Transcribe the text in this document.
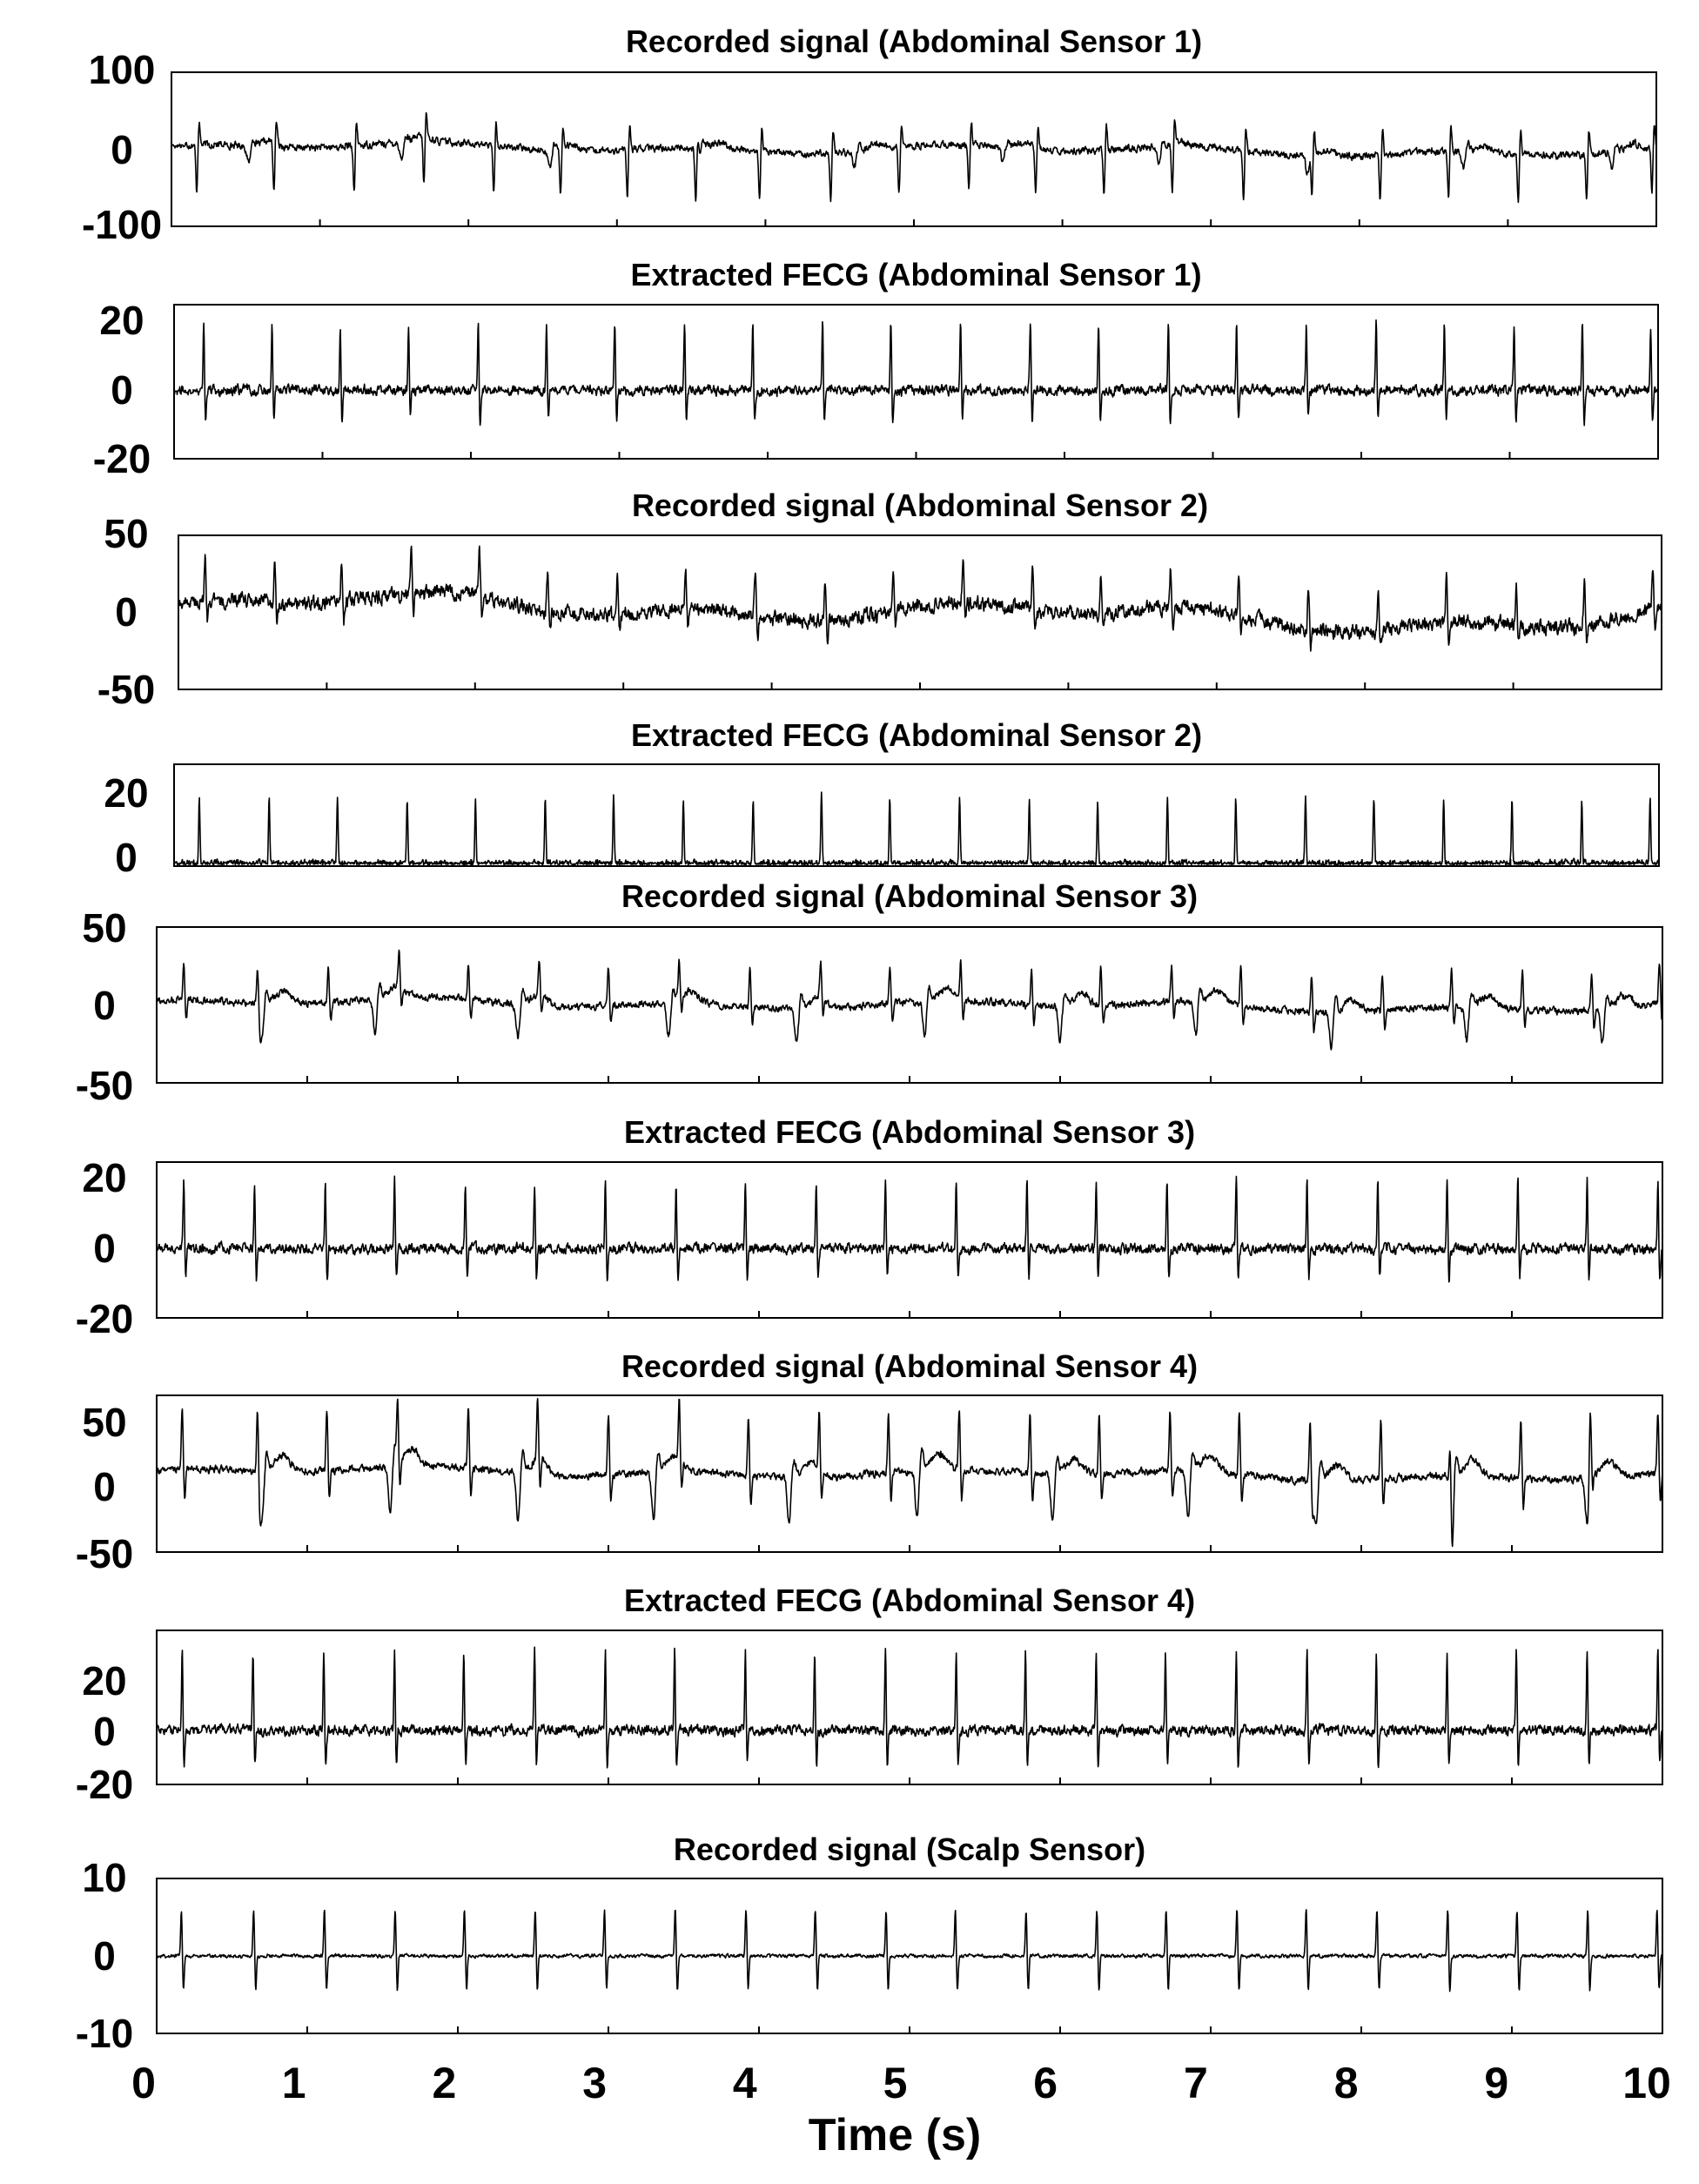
Recorded signal (Abdominal Sensor 1)
100
0
-100
Extracted FECG (Abdominal Sensor 1)
20
0
-20
Recorded signal (Abdominal Sensor 2)
50
0
-50
Extracted FECG (Abdominal Sensor 2)
20
0
Recorded signal (Abdominal Sensor 3)
50
0
-50
Extracted FECG (Abdominal Sensor 3)
20
0
-20
Recorded signal (Abdominal Sensor 4)
50
0
-50
Extracted FECG (Abdominal Sensor 4)
20
0
-20
Recorded signal (Scalp Sensor)
10
0
-10
0	1	2	3	4	5	6	7	8	9	10
Time (s)
